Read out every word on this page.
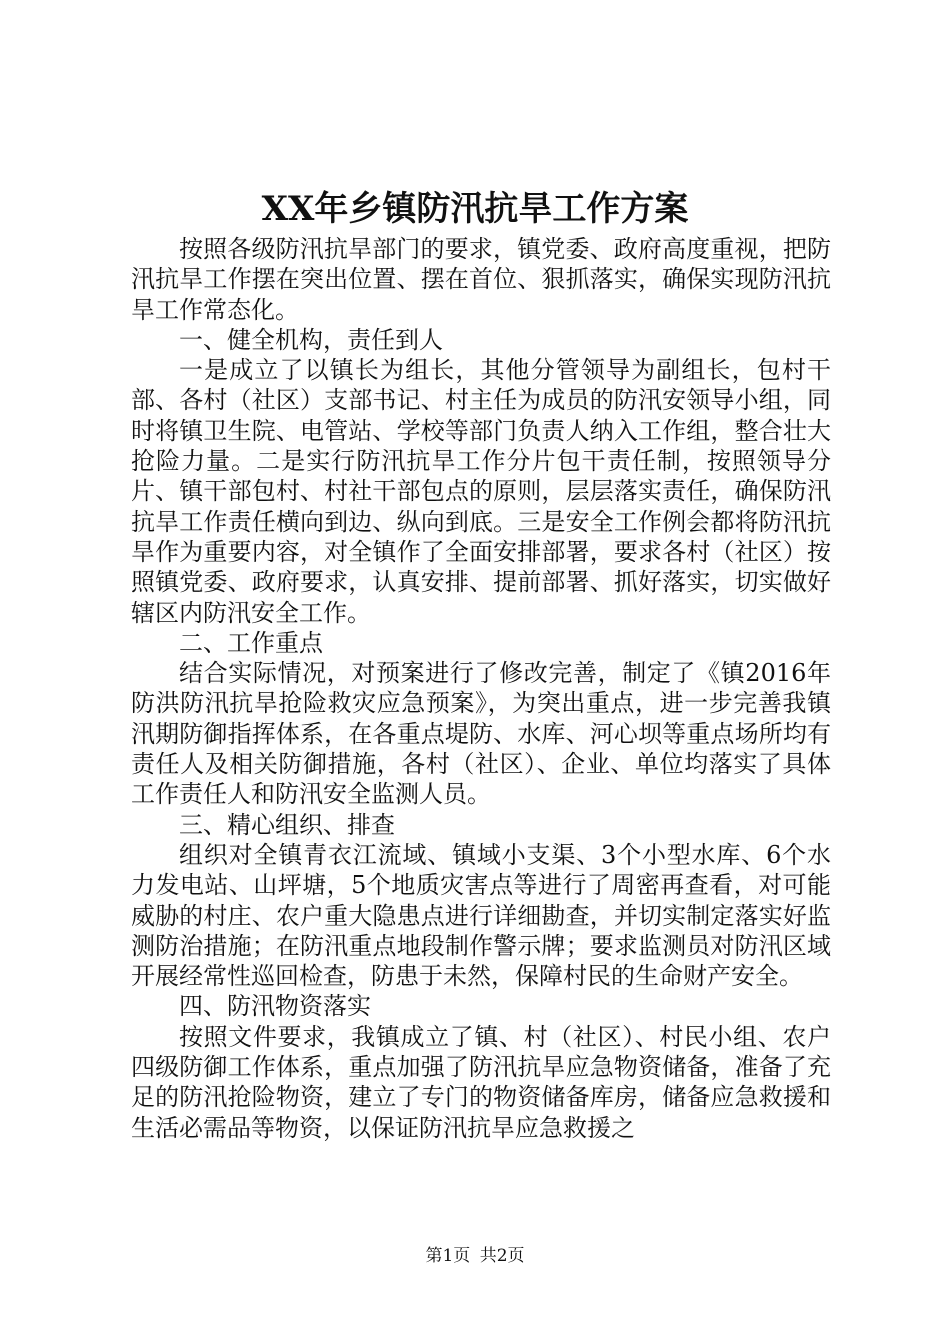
XX年乡镇防汛抗旱工作方案

按照各级防汛抗旱部门的要求，镇党委、政府高度重视，把防汛抗旱工作摆在突出位置、摆在首位、狠抓落实，确保实现防汛抗旱工作常态化。

一、健全机构，责任到人

一是成立了以镇长为组长，其他分管领导为副组长，包村干部、各村（社区）支部书记、村主任为成员的防汛安领导小组，同时将镇卫生院、电管站、学校等部门负责人纳入工作组，整合壮大抢险力量。二是实行防汛抗旱工作分片包干责任制，按照领导分片、镇干部包村、村社干部包点的原则，层层落实责任，确保防汛抗旱工作责任横向到边、纵向到底。三是安全工作例会都将防汛抗旱作为重要内容，对全镇作了全面安排部署，要求各村（社区）按照镇党委、政府要求，认真安排、提前部署、抓好落实，切实做好辖区内防汛安全工作。

二、工作重点

结合实际情况，对预案进行了修改完善，制定了《镇2016年防洪防汛抗旱抢险救灾应急预案》，为突出重点，进一步完善我镇汛期防御指挥体系，在各重点堤防、水库、河心坝等重点场所均有责任人及相关防御措施，各村（社区）、企业、单位均落实了具体工作责任人和防汛安全监测人员。

三、精心组织、排查

组织对全镇青衣江流域、镇域小支渠、3个小型水库、6个水力发电站、山坪塘，5个地质灾害点等进行了周密再查看，对可能威胁的村庄、农户重大隐患点进行详细勘查，并切实制定落实好监测防治措施；在防汛重点地段制作警示牌；要求监测员对防汛区域开展经常性巡回检查，防患于未然，保障村民的生命财产安全。

四、防汛物资落实

按照文件要求，我镇成立了镇、村（社区）、村民小组、农户四级防御工作体系，重点加强了防汛抗旱应急物资储备，准备了充足的防汛抢险物资，建立了专门的物资储备库房，储备应急救援和生活必需品等物资，以保证防汛抗旱应急救援之

第1页 共2页
